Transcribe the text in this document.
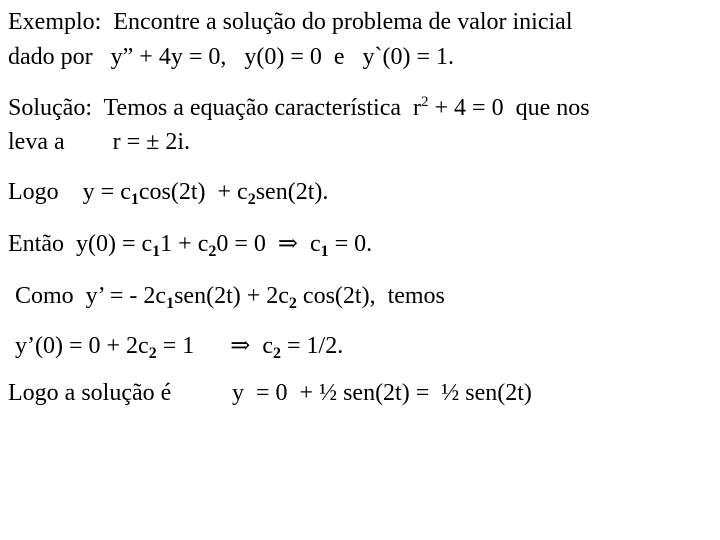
Exemplo:  Encontre a solução do problema de valor inicial
dado por   y” + 4y = 0,   y(0) = 0  e   y`(0) = 1.
Solução:  Temos a equação característica  $r^2 + 4 = 0$  que nos
leva a        r = ± 2i.
Logo    $y = c_1\cos(2t) + c_2sen(2t)$.
Então  $y(0) = c_11 + c_20 = 0$  ⇒  $c_1 = 0$.
Como  y’ = - $2c_1sen(2t) + 2c_2$ cos(2t),  temos
y’(0) = $0 + 2c_2 = 1$      ⇒  $c_2 = 1/2$.
Logo a solução é	y  = 0  + ½ sen(2t) =  ½ sen(2t)
